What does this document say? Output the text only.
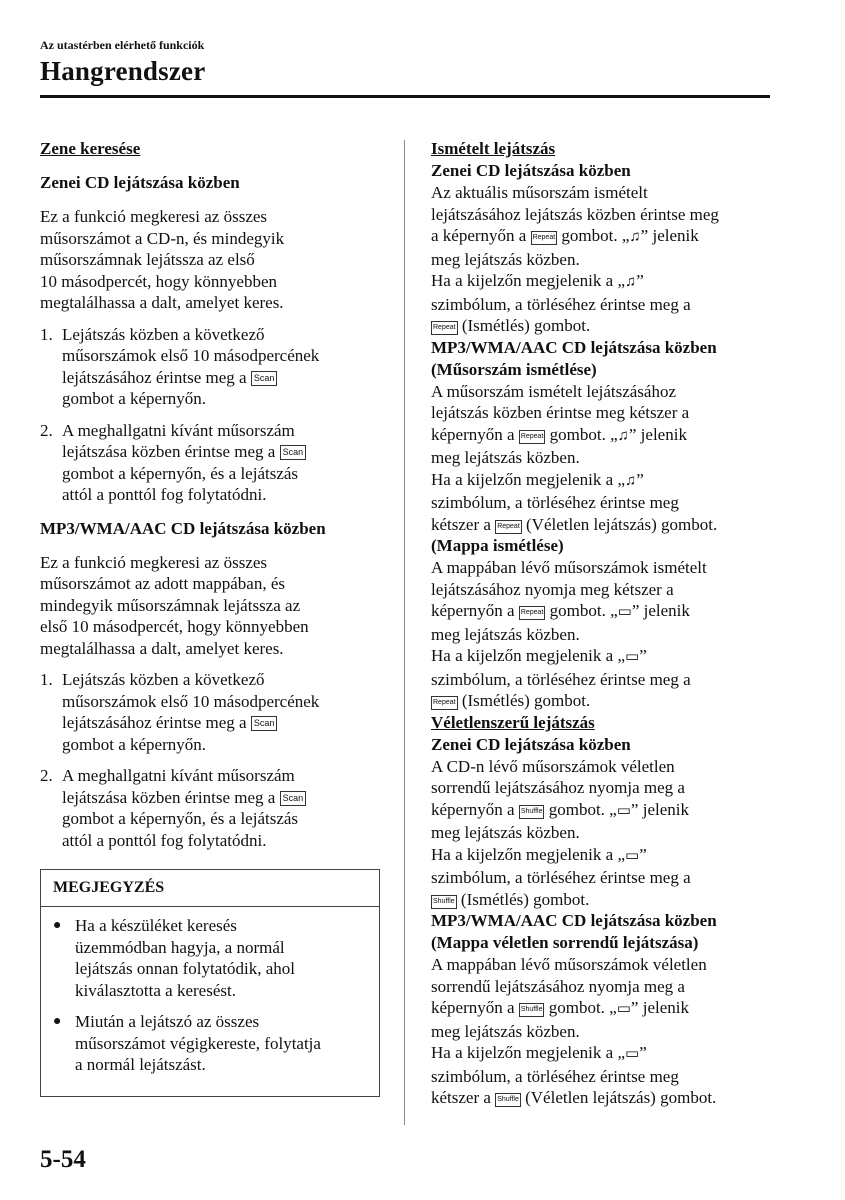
Az utastérben elérhető funkciók
Hangrendszer
Zene keresése
Zenei CD lejátszása közben
Ez a funkció megkeresi az összes
műsorszámot a CD-n, és mindegyik
műsorszámnak lejátssza az első
10 másodpercét, hogy könnyebben
megtalálhassa a dalt, amelyet keres.
1. Lejátszás közben a következő
műsorszámok első 10 másodpercének
lejátszásához érintse meg a Scan
gombot a képernyőn.
2. A meghallgatni kívánt műsorszám
lejátszása közben érintse meg a Scan
gombot a képernyőn, és a lejátszás
attól a ponttól fog folytatódni.
MP3/WMA/AAC CD lejátszása közben
Ez a funkció megkeresi az összes
műsorszámot az adott mappában, és
mindegyik műsorszámnak lejátssza az
első 10 másodpercét, hogy könnyebben
megtalálhassa a dalt, amelyet keres.
1. Lejátszás közben a következő
műsorszámok első 10 másodpercének
lejátszásához érintse meg a Scan
gombot a képernyőn.
2. A meghallgatni kívánt műsorszám
lejátszása közben érintse meg a Scan
gombot a képernyőn, és a lejátszás
attól a ponttól fog folytatódni.
MEGJEGYZÉS
● Ha a készüléket keresés
üzemmódban hagyja, a normál
lejátszás onnan folytatódik, ahol
kiválasztotta a keresést.
● Miután a lejátszó az összes
műsorszámot végigkereste, folytatja
a normál lejátszást.
Ismételt lejátszás
Zenei CD lejátszása közben
Az aktuális műsorszám ismételt
lejátszásához lejátszás közben érintse meg
a képernyőn a Repeat gombot. „♫” jelenik
meg lejátszás közben.
Ha a kijelzőn megjelenik a „♫”
szimbólum, a törléséhez érintse meg a
Repeat (Ismétlés) gombot.
MP3/WMA/AAC CD lejátszása közben
(Műsorszám ismétlése)
A műsorszám ismételt lejátszásához
lejátszás közben érintse meg kétszer a
képernyőn a Repeat gombot. „♫” jelenik
meg lejátszás közben.
Ha a kijelzőn megjelenik a „♫”
szimbólum, a törléséhez érintse meg
kétszer a Repeat (Véletlen lejátszás) gombot.
(Mappa ismétlése)
A mappában lévő műsorszámok ismételt
lejátszásához nyomja meg kétszer a
képernyőn a Repeat gombot. „▭” jelenik
meg lejátszás közben.
Ha a kijelzőn megjelenik a „▭”
szimbólum, a törléséhez érintse meg a
Repeat (Ismétlés) gombot.
Véletlenszerű lejátszás
Zenei CD lejátszása közben
A CD-n lévő műsorszámok véletlen
sorrendű lejátszásához nyomja meg a
képernyőn a Shuffle gombot. „▭” jelenik
meg lejátszás közben.
Ha a kijelzőn megjelenik a „▭”
szimbólum, a törléséhez érintse meg a
Shuffle (Ismétlés) gombot.
MP3/WMA/AAC CD lejátszása közben
(Mappa véletlen sorrendű lejátszása)
A mappában lévő műsorszámok véletlen
sorrendű lejátszásához nyomja meg a
képernyőn a Shuffle gombot. „▭” jelenik
meg lejátszás közben.
Ha a kijelzőn megjelenik a „▭”
szimbólum, a törléséhez érintse meg
kétszer a Shuffle (Véletlen lejátszás) gombot.
5-54
